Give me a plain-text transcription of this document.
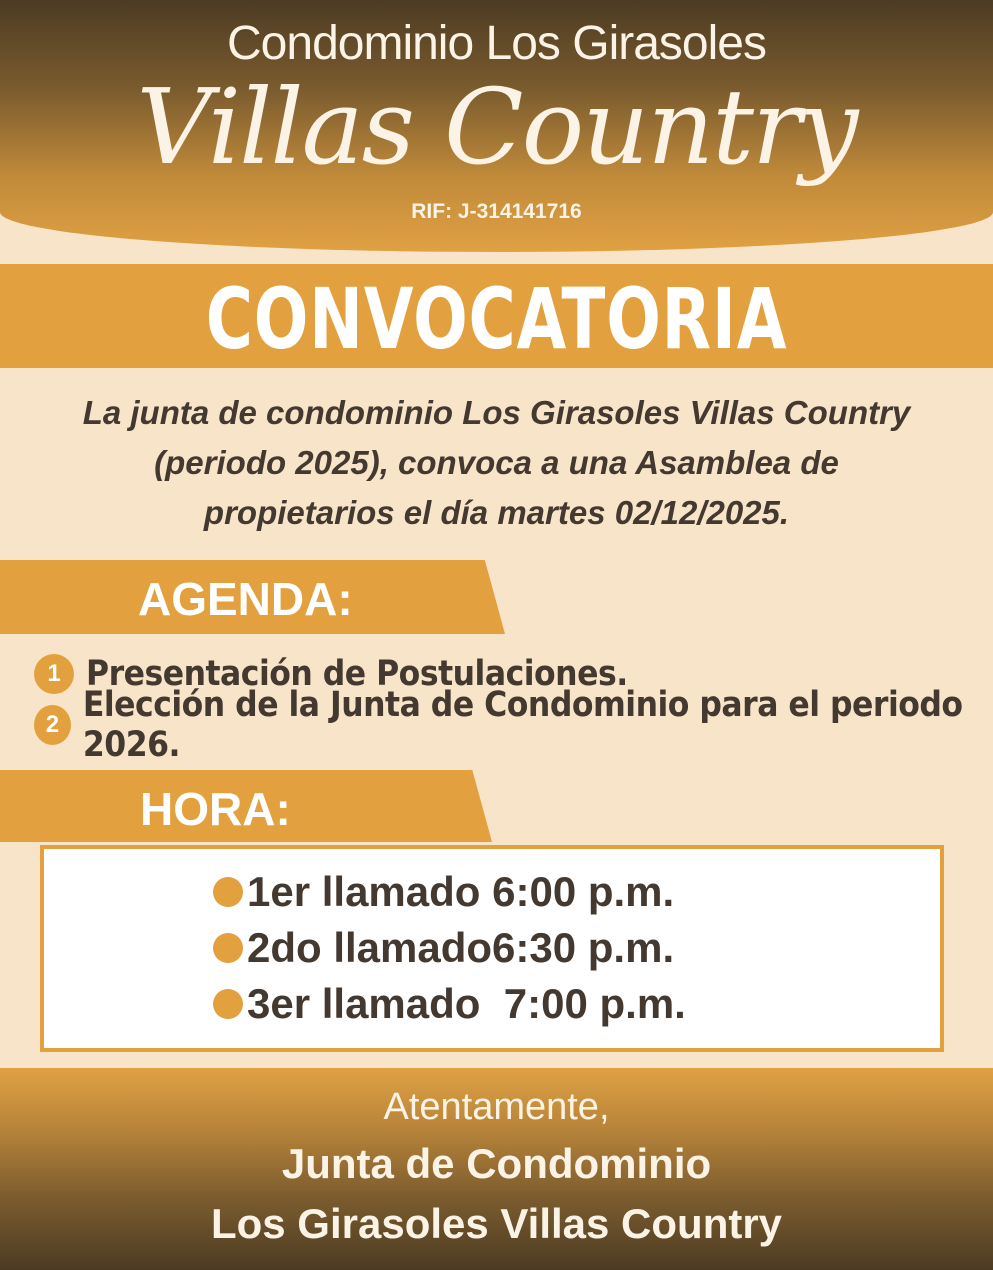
Condominio Los Girasoles
Villas Country
RIF: J-314141716
CONVOCATORIA
La junta de condominio Los Girasoles Villas Country
(periodo 2025), convoca a una Asamblea de
propietarios el día martes 02/12/2025.
AGENDA:
1 Presentación de Postulaciones.
2 Elección de la Junta de Condominio para el periodo 2026.
HORA:
1er llamado 6:00 p.m.
2do llamado6:30 p.m.
3er llamado  7:00 p.m.
Atentamente,
Junta de Condominio
Los Girasoles Villas Country
